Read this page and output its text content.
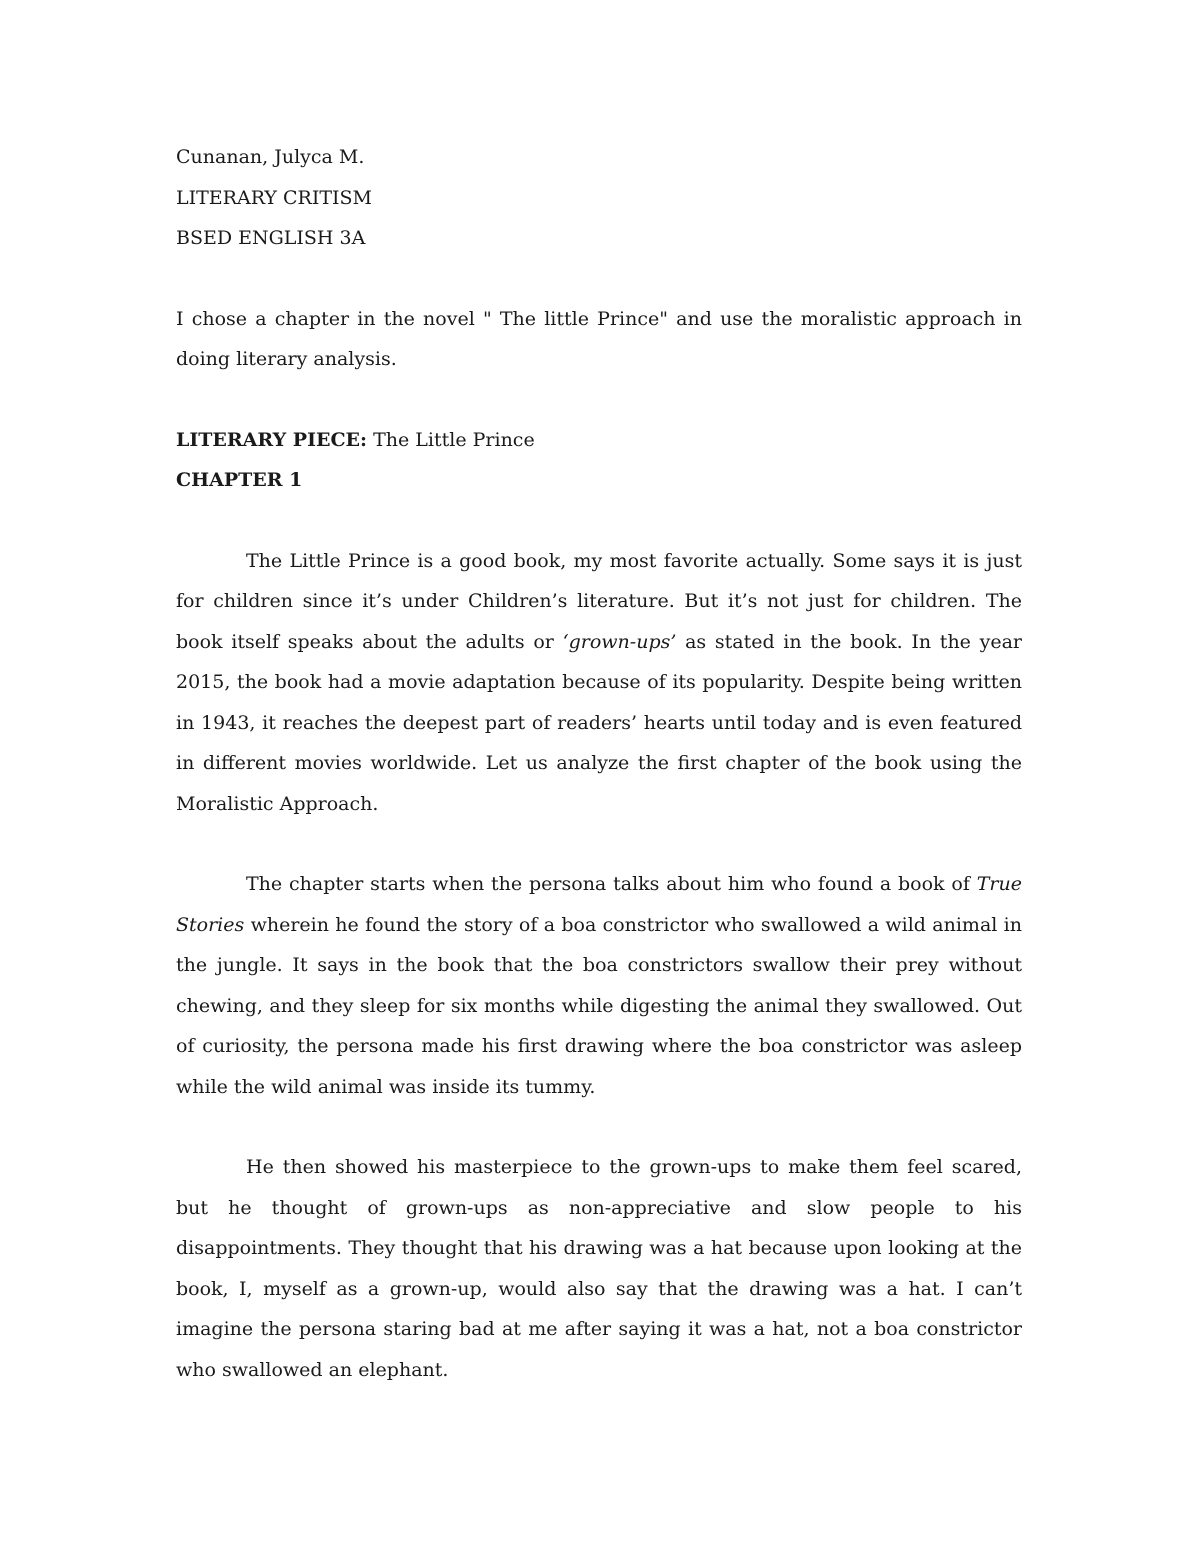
Cunanan, Julyca M.

LITERARY CRITISM

BSED ENGLISH 3A

I chose a chapter in the novel " The little Prince" and use the moralistic approach in doing literary analysis.

LITERARY PIECE: The Little Prince

CHAPTER 1

The Little Prince is a good book, my most favorite actually. Some says it is just for children since it’s under Children’s literature. But it’s not just for children. The book itself speaks about the adults or ‘grown-ups’ as stated in the book. In the year 2015, the book had a movie adaptation because of its popularity. Despite being written in 1943, it reaches the deepest part of readers’ hearts until today and is even featured in different movies worldwide. Let us analyze the first chapter of the book using the Moralistic Approach.

The chapter starts when the persona talks about him who found a book of True Stories wherein he found the story of a boa constrictor who swallowed a wild animal in the jungle. It says in the book that the boa constrictors swallow their prey without chewing, and they sleep for six months while digesting the animal they swallowed. Out of curiosity, the persona made his first drawing where the boa constrictor was asleep while the wild animal was inside its tummy.

He then showed his masterpiece to the grown-ups to make them feel scared, but he thought of grown-ups as non-appreciative and slow people to his disappointments. They thought that his drawing was a hat because upon looking at the book, I, myself as a grown-up, would also say that the drawing was a hat. I can’t imagine the persona staring bad at me after saying it was a hat, not a boa constrictor who swallowed an elephant.
